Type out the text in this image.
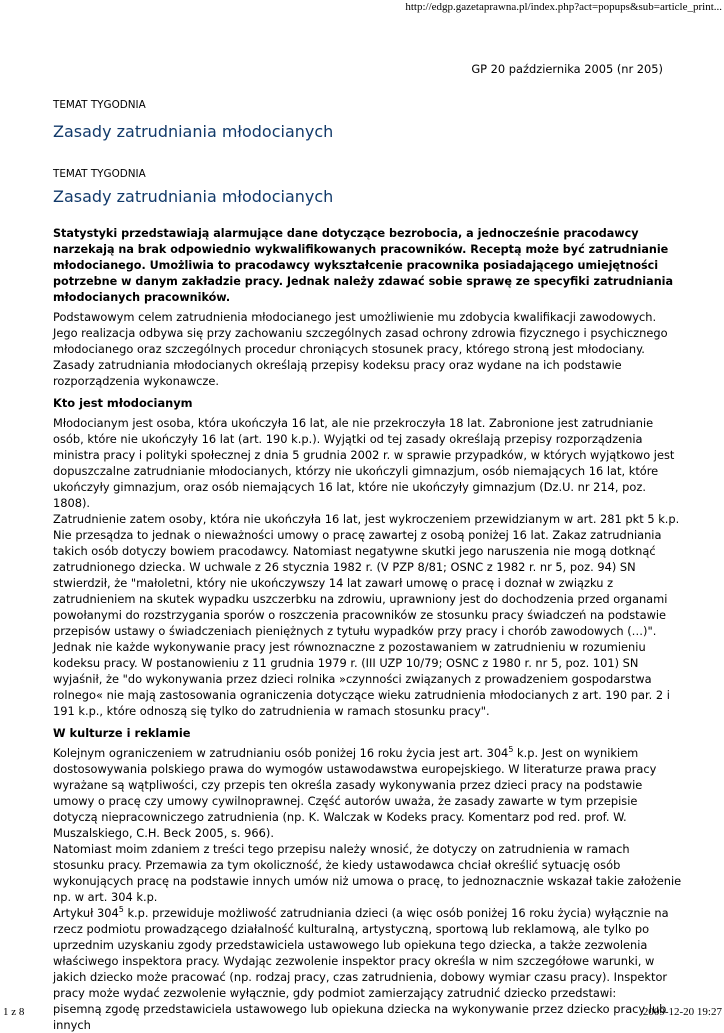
http://edgp.gazetaprawna.pl/index.php?act=popups&sub=article_print...
TEMAT TYGODNIA
Zasady zatrudniania młodocianych
TEMAT TYGODNIA
Zasady zatrudniania młodocianych

Statystyki przedstawiają alarmujące dane dotyczące bezrobocia, a jednocześnie pracodawcy narzekają na brak odpowiednio wykwalifikowanych pracowników. Receptą może być zatrudnianie młodocianego. Umożliwia to pracodawcy wykształcenie pracownika posiadającego umiejętności potrzebne w danym zakładzie pracy. Jednak należy zdawać sobie sprawę ze specyfiki zatrudniania młodocianych pracowników.

Podstawowym celem zatrudnienia młodocianego jest umożliwienie mu zdobycia kwalifikacji zawodowych. Jego realizacja odbywa się przy zachowaniu szczególnych zasad ochrony zdrowia fizycznego i psychicznego młodocianego oraz szczególnych procedur chroniących stosunek pracy, którego stroną jest młodociany.

Zasady zatrudniania młodocianych określają przepisy kodeksu pracy oraz wydane na ich podstawie rozporządzenia wykonawcze.

Kto jest młodocianym

Młodocianym jest osoba, która ukończyła 16 lat, ale nie przekroczyła 18 lat. Zabronione jest zatrudnianie osób, które nie ukończyły 16 lat (art. 190 k.p.). Wyjątki od tej zasady określają przepisy rozporządzenia ministra pracy i polityki społecznej z dnia 5 grudnia 2002 r. w sprawie przypadków, w których wyjątkowo jest dopuszczalne zatrudnianie młodocianych, którzy nie ukończyli gimnazjum, osób niemających 16 lat, które ukończyły gimnazjum, oraz osób niemających 16 lat, które nie ukończyły gimnazjum (Dz.U. nr 214, poz. 1808).

Zatrudnienie zatem osoby, która nie ukończyła 16 lat, jest wykroczeniem przewidzianym w art. 281 pkt 5 k.p. Nie przesądza to jednak o nieważności umowy o pracę zawartej z osobą poniżej 16 lat. Zakaz zatrudniania takich osób dotyczy bowiem pracodawcy. Natomiast negatywne skutki jego naruszenia nie mogą dotknąć zatrudnionego dziecka. W uchwale z 26 stycznia 1982 r. (V PZP 8/81; OSNC z 1982 r. nr 5, poz. 94) SN stwierdził, że "małoletni, który nie ukończywszy 14 lat zawarł umowę o pracę i doznał w związku z zatrudnieniem na skutek wypadku uszczerbku na zdrowiu, uprawniony jest do dochodzenia przed organami powołanymi do rozstrzygania sporów o roszczenia pracowników ze stosunku pracy świadczeń na podstawie przepisów ustawy o świadczeniach pieniężnych z tytułu wypadków przy pracy i chorób zawodowych (…)".

Jednak nie każde wykonywanie pracy jest równoznaczne z pozostawaniem w zatrudnieniu w rozumieniu kodeksu pracy. W postanowieniu z 11 grudnia 1979 r. (III UZP 10/79; OSNC z 1980 r. nr 5, poz. 101) SN wyjaśnił, że "do wykonywania przez dzieci rolnika »czynności związanych z prowadzeniem gospodarstwa rolnego« nie mają zastosowania ograniczenia dotyczące wieku zatrudnienia młodocianych z art. 190 par. 2 i 191 k.p., które odnoszą się tylko do zatrudnienia w ramach stosunku pracy".

W kulturze i reklamie

Kolejnym ograniczeniem w zatrudnianiu osób poniżej 16 roku życia jest art. $304^5$ k.p. Jest on wynikiem dostosowywania polskiego prawa do wymogów ustawodawstwa europejskiego. W literaturze prawa pracy wyrażane są wątpliwości, czy przepis ten określa zasady wykonywania przez dzieci pracy na podstawie umowy o pracę czy umowy cywilnoprawnej. Część autorów uważa, że zasady zawarte w tym przepisie dotyczą niepracowniczego zatrudnienia (np. K. Walczak w Kodeks pracy. Komentarz pod red. prof. W. Muszalskiego, C.H. Beck 2005, s. 966).

Natomiast moim zdaniem z treści tego przepisu należy wnosić, że dotyczy on zatrudnienia w ramach stosunku pracy. Przemawia za tym okoliczność, że kiedy ustawodawca chciał określić sytuację osób wykonujących pracę na podstawie innych umów niż umowa o pracę, to jednoznacznie wskazał takie założenie np. w art. 304 k.p.

Artykuł $304^5$ k.p. przewiduje możliwość zatrudniania dzieci (a więc osób poniżej 16 roku życia) wyłącznie na rzecz podmiotu prowadzącego działalność kulturalną, artystyczną, sportową lub reklamową, ale tylko po uprzednim uzyskaniu zgody przedstawiciela ustawowego lub opiekuna tego dziecka, a także zezwolenia właściwego inspektora pracy. Wydając zezwolenie inspektor pracy określa w nim szczegółowe warunki, w jakich dziecko może pracować (np. rodzaj pracy, czas zatrudnienia, dobowy wymiar czasu pracy). Inspektor pracy może wydać zezwolenie wyłącznie, gdy podmiot zamierzający zatrudnić dziecko przedstawi:

pisemną zgodę przedstawiciela ustawowego lub opiekuna dziecka na wykonywanie przez dziecko pracy lub innych

GP 20 października 2005 (nr 205)
1 z 8	2009-12-20 19:27
